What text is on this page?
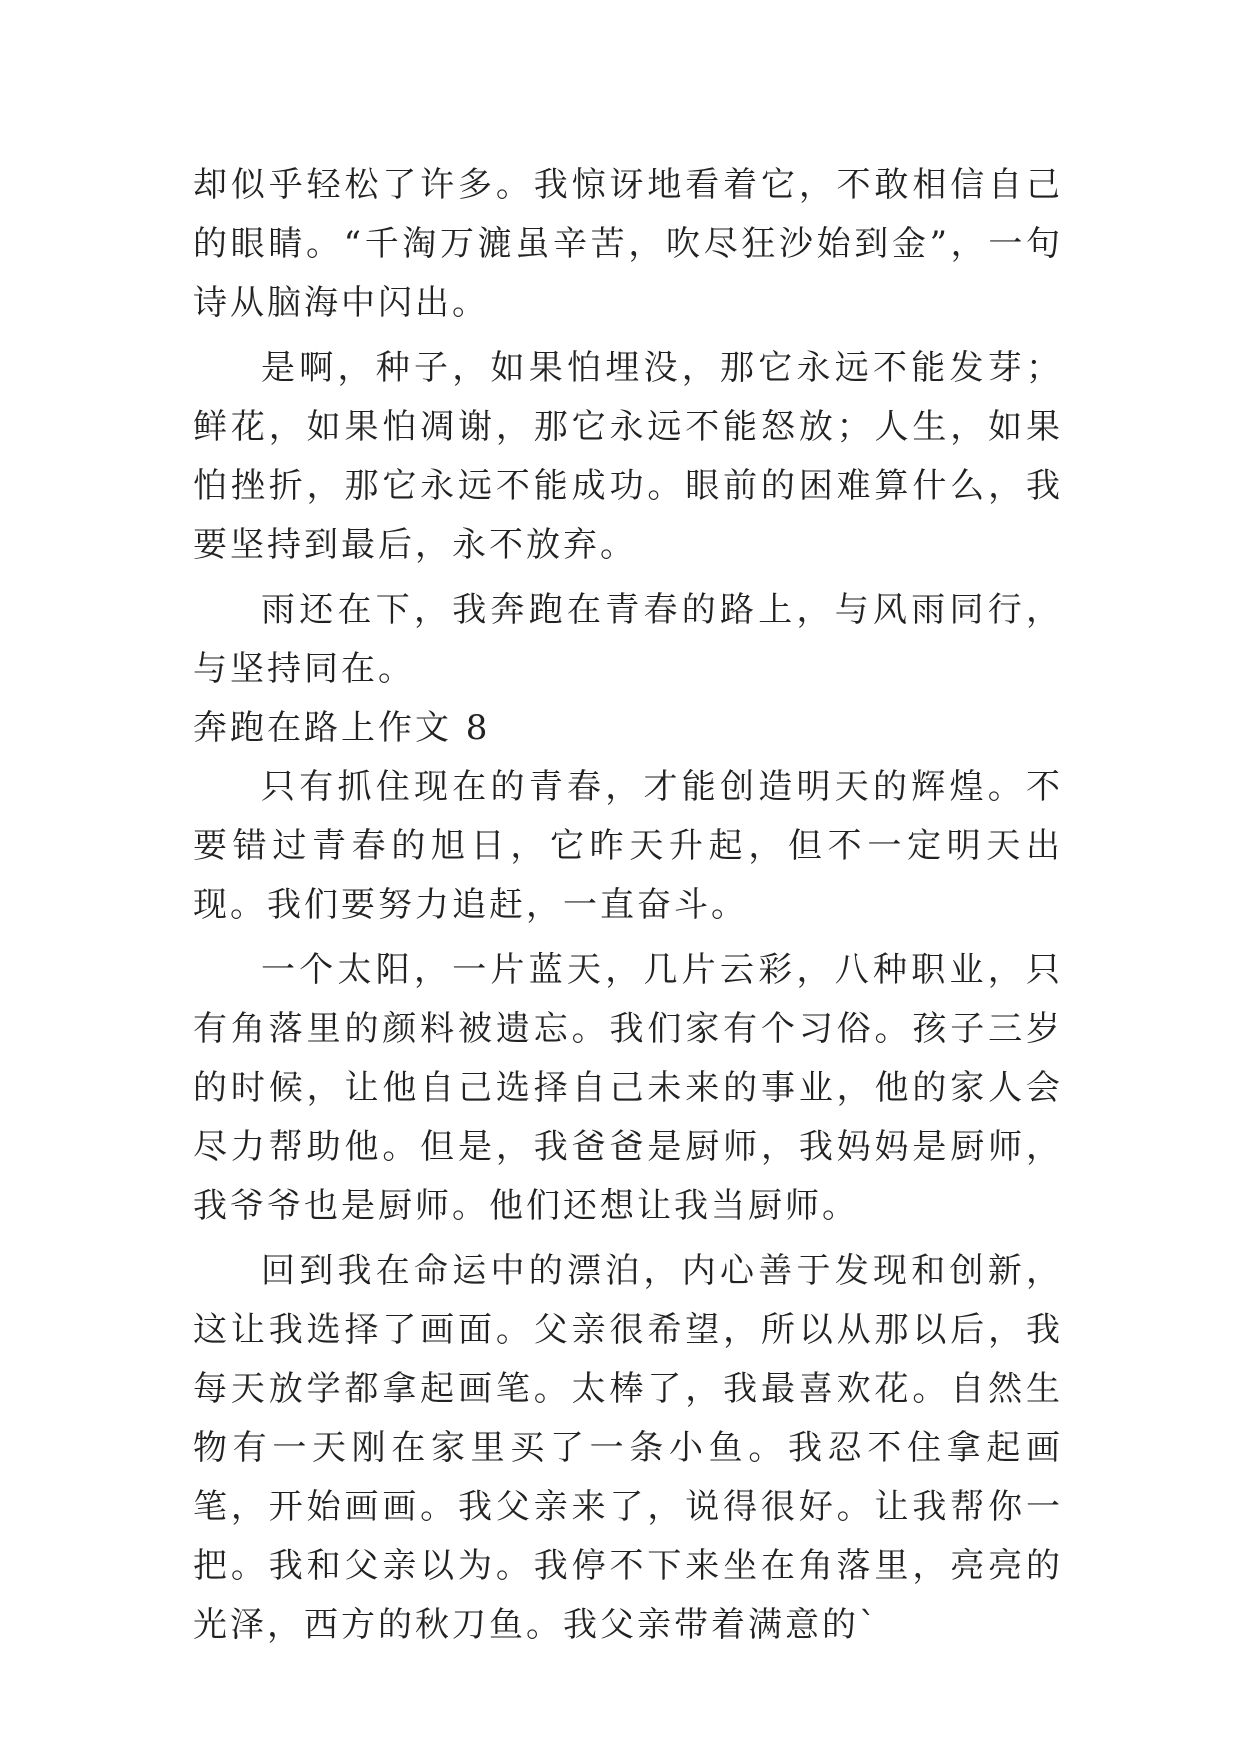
却似乎轻松了许多。我惊讶地看着它，不敢相信自己的眼睛。“千淘万漉虽辛苦，吹尽狂沙始到金”，一句诗从脑海中闪出。

是啊，种子，如果怕埋没，那它永远不能发芽；鲜花，如果怕凋谢，那它永远不能怒放；人生，如果怕挫折，那它永远不能成功。眼前的困难算什么，我要坚持到最后，永不放弃。

雨还在下，我奔跑在青春的路上，与风雨同行，与坚持同在。

奔跑在路上作文 8

只有抓住现在的青春，才能创造明天的辉煌。不要错过青春的旭日，它昨天升起，但不一定明天出现。我们要努力追赶，一直奋斗。

一个太阳，一片蓝天，几片云彩，八种职业，只有角落里的颜料被遗忘。我们家有个习俗。孩子三岁的时候，让他自己选择自己未来的事业，他的家人会尽力帮助他。但是，我爸爸是厨师，我妈妈是厨师，我爷爷也是厨师。他们还想让我当厨师。

回到我在命运中的漂泊，内心善于发现和创新，这让我选择了画面。父亲很希望，所以从那以后，我每天放学都拿起画笔。太棒了，我最喜欢花。自然生物有一天刚在家里买了一条小鱼。我忍不住拿起画笔，开始画画。我父亲来了，说得很好。让我帮你一把。我和父亲以为。我停不下来坐在角落里，亮亮的光泽，西方的秋刀鱼。我父亲带着满意的`
